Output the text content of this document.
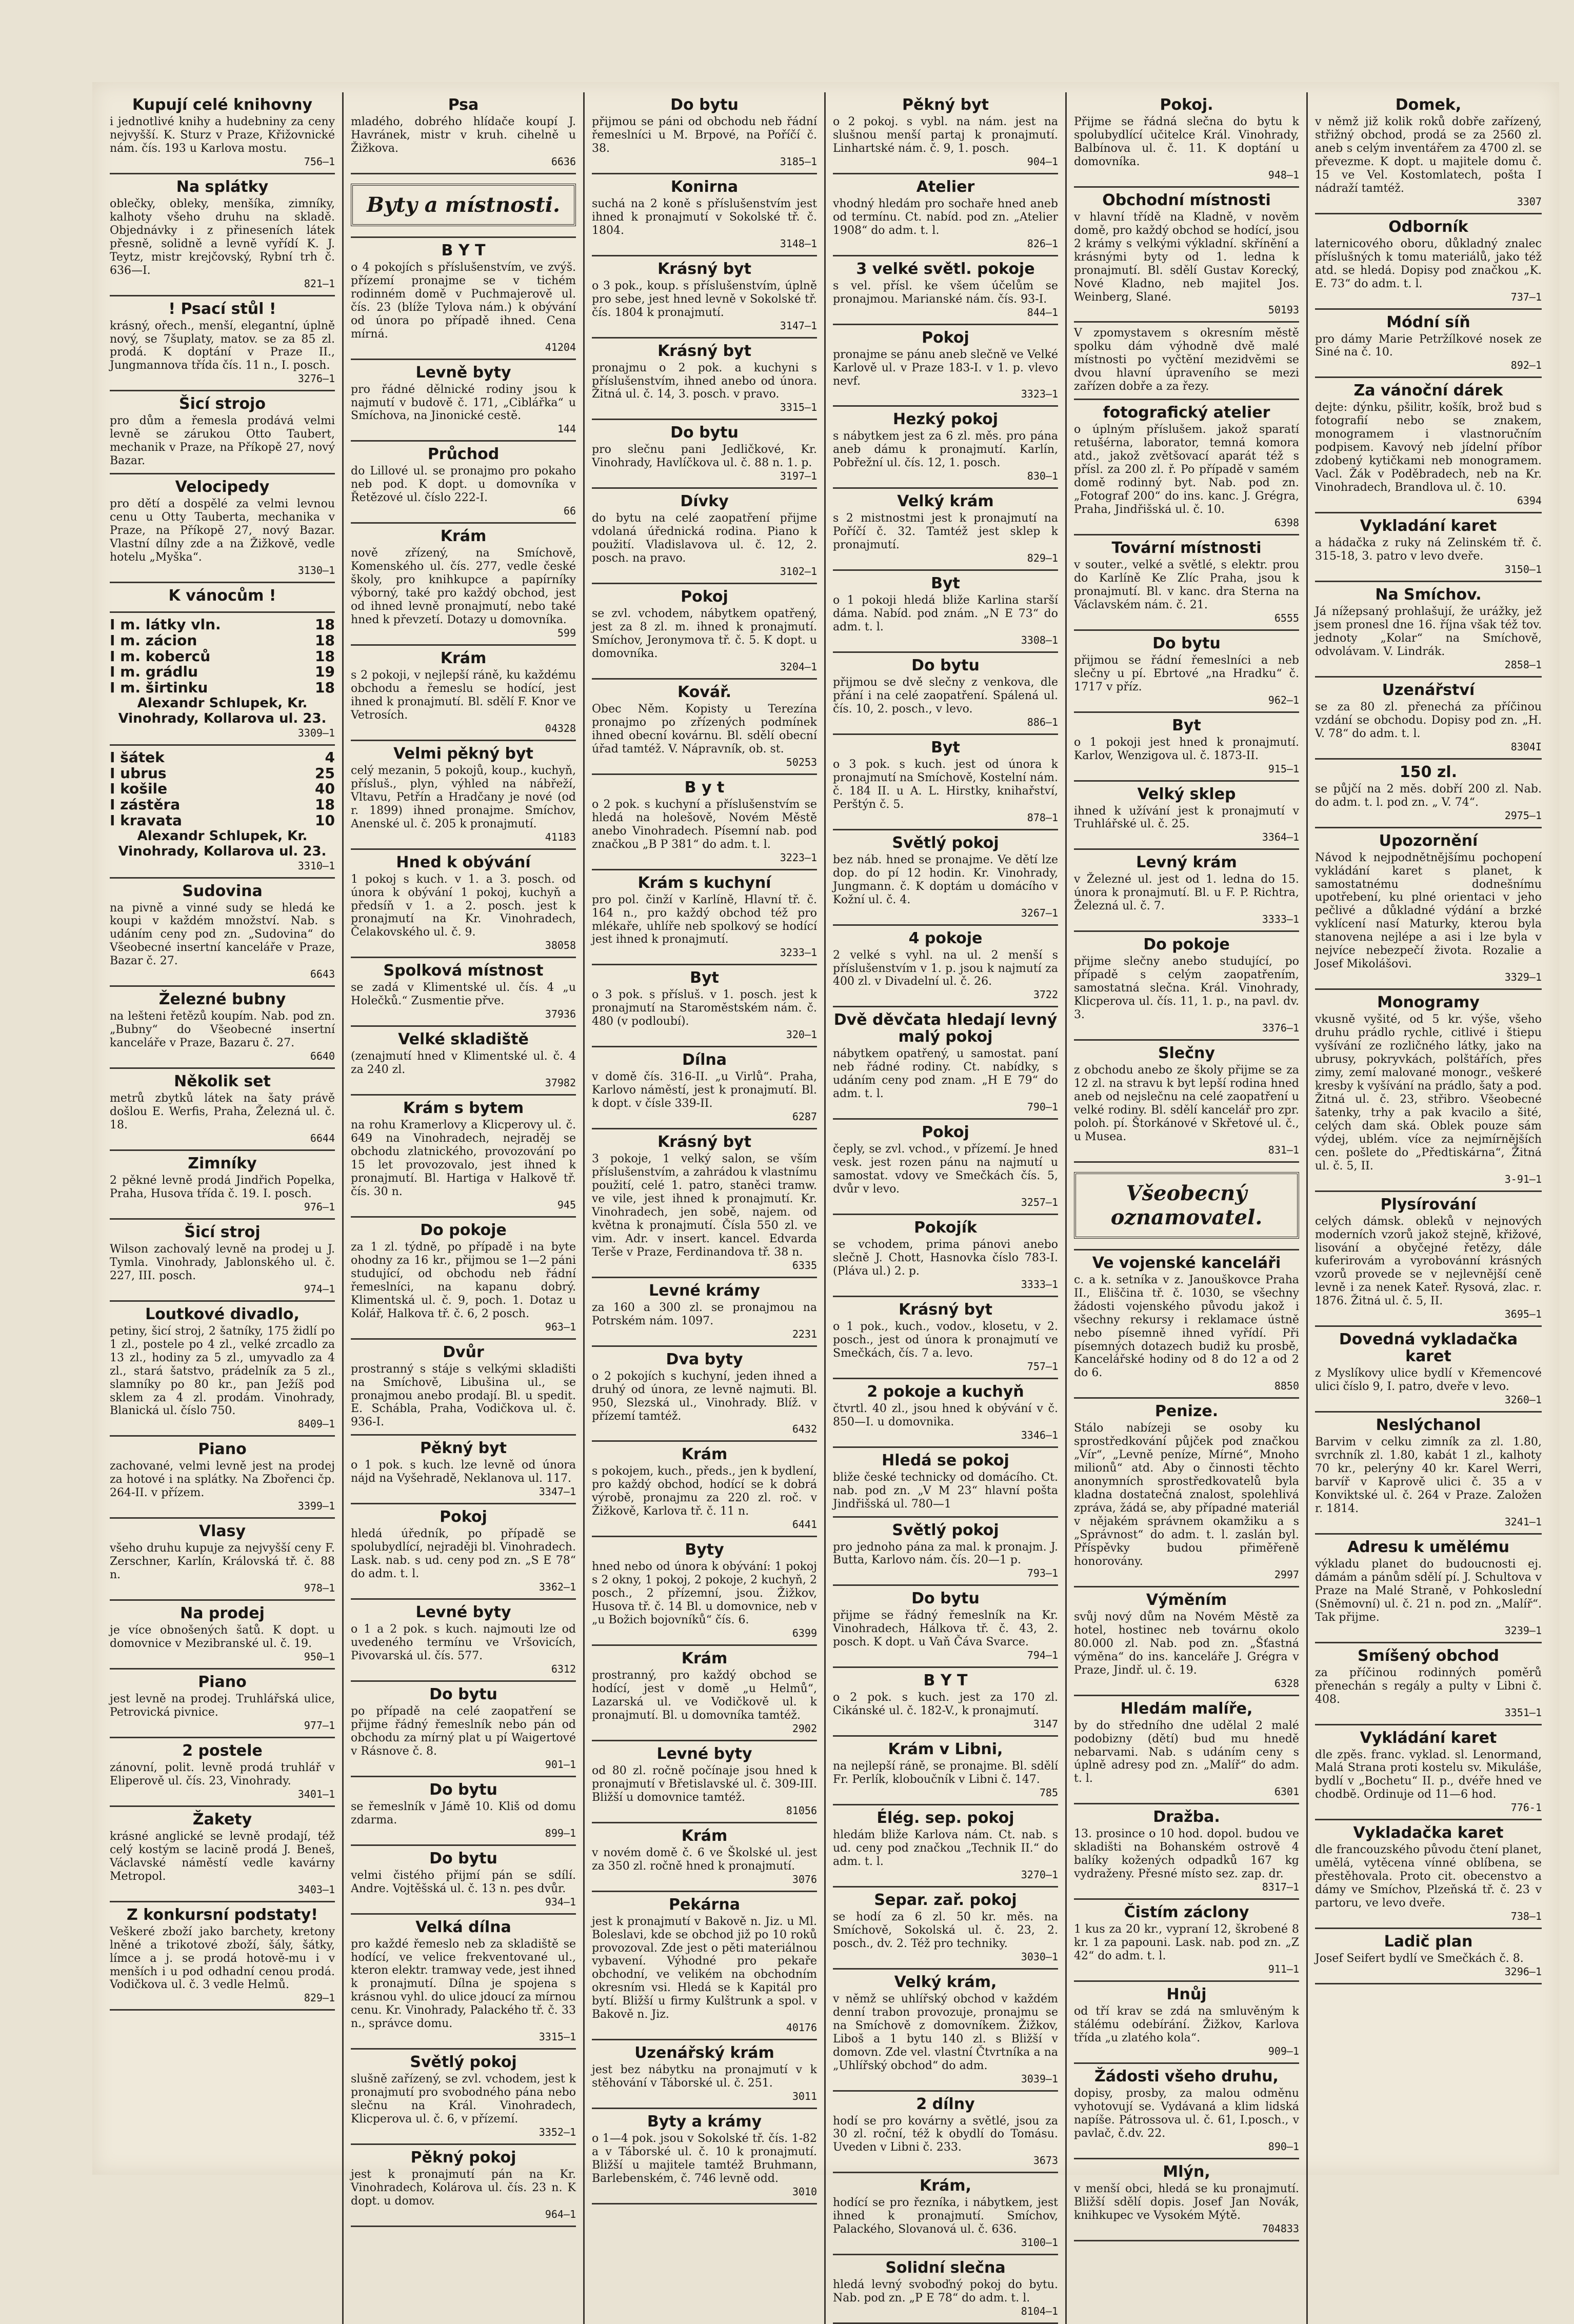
Kupují celé knihovny
i jednotlivé knihy a hudebniny za ceny nejvyšší. K. Sturz v Praze, Křižovnické nám. čís. 193 u Karlova mostu.
756—1
Na splátky
oblečky, obleky, menšíka, zimníky, kalhoty všeho druhu na skladě. Objednávky i z přineseních látek přesně, solidně a levně vyřídí K. J. Teytz, mistr krejčovský, Rybní trh č. 636—I.
821—1
! Psací stůl !
krásný, ořech., menší, elegantní, úplně nový, se 7šuplaty, matov. se za 85 zl. prodá. K doptání v Praze II., Jungmannova třída čís. 11 n., I. posch.
3276—1
Šicí strojo
pro dům a řemesla prodává velmi levně se zárukou Otto Taubert, mechanik v Praze, na Příkopě 27, nový Bazar.
Velocipedy
pro dětí a dospělé za velmi levnou cenu u Otty Tauberta, mechanika v Praze, na Příkopě 27, nový Bazar. Vlastní dílny zde a na Žižkově, vedle hotelu „Myška“.
3130—1
K vánocům !
I m. látky vln.	18
I m. zácion	18
I m. koberců	18
I m. grádlu	19
I m. širtinku	18
Alexandr Schlupek, Kr. Vinohrady, Kollarova ul. 23.
3309—1
I šátek	4
I ubrus	25
I košile	40
I zástěra	18
I kravata	10
Alexandr Schlupek, Kr. Vinohrady, Kollarova ul. 23.
3310—1
Sudovina
na pivně a vinné sudy se hledá ke koupi v každém množství. Nab. s udáním ceny pod zn. „Sudovina“ do Všeobecné insertní kanceláře v Praze, Bazar č. 27.
6643
Železné bubny
na lešteni řetězů koupím. Nab. pod zn. „Bubny“ do Všeobecné insertní kanceláře v Praze, Bazaru č. 27.
6640
Několik set
metrů zbytků látek na šaty právě došlou E. Werfis, Praha, Železná ul. č. 18.
6644
Zimníky
2 pěkné levně prodá Jindřich Popelka, Praha, Husova třída č. 19. I. posch.
976—1
Šicí stroj
Wilson zachovalý levně na prodej u J. Tymla. Vinohrady, Jablonského ul. č. 227, III. posch.
974—1
Loutkové divadlo,
petiny, šicí stroj, 2 šatníky, 175 židlí po 1 zl., postele po 4 zl., velké zrcadlo za 13 zl., hodiny za 5 zl., umyvadlo za 4 zl., stará šatstvo, prádelník za 5 zl., slamníky po 80 kr., pan Ježíš pod sklem za 4 zl. prodám. Vinohrady, Blanická ul. číslo 750.
8409—1
Piano
zachované, velmi levně jest na prodej za hotové i na splátky. Na Zbořenci čp. 264-II. v přízem.
3399—1
Vlasy
všeho druhu kupuje za nejvyšší ceny F. Zerschner, Karlín, Královská tř. č. 88 n.
978—1
Na prodej
je více obnošených šatů. K dopt. u domovnice v Mezibranské ul. č. 19.
950—1
Piano
jest levně na prodej. Truhlářská ulice, Petrovická pivnice.
977—1
2 postele
zánovní, polit. levně prodá truhlář v Eliperově ul. čís. 23, Vinohrady.
3401—1
Žakety
krásné anglické se levně prodají, též celý kostým se lacině prodá J. Beneš, Václavské náměstí vedle kavárny Metropol.
3403—1
Z konkursní podstaty!
Veškeré zboží jako barchety, kretony lněné a trikotové zboží, šály, šátky, límce a j. se prodá hotově-mu i v menších i u pod odhadní cenou prodá. Vodičkova ul. č. 3 vedle Helmů.
829—1
Psa
mladého, dobrého hlídače koupí J. Havránek, mistr v kruh. cihelně u Žižkova.
6636
Byty a místnosti.
B Y T
o 4 pokojích s příslušenstvím, ve zvýš. přízemí pronajme se v tichém rodinném domě v Puchmajerově ul. čís. 23 (blíže Tylova nám.) k obývání od února po případě ihned. Cena mírná.
41204
Levně byty
pro řádné dělnické rodiny jsou k najmutí v budově č. 171, „Ciblářka“ u Smíchova, na Jinonické cestě.
144
Průchod
do Lillové ul. se pronajmo pro pokaho neb pod. K dopt. u domovníka v Řetězové ul. číslo 222-I.
66
Krám
nově zřízený, na Smíchově, Komenského ul. čís. 277, vedle české školy, pro knihkupce a papírníky výborný, také pro každý obchod, jest od ihned levně pronajmutí, nebo také hned k převzetí. Dotazy u domovníka.
599
Krám
s 2 pokoji, v nejlepší ráně, ku každému obchodu a řemeslu se hodící, jest ihned k pronajmutí. Bl. sdělí F. Knor ve Vetrosích.
04328
Velmi pěkný byt
celý mezanin, 5 pokojů, koup., kuchyň, přísluš., plyn, výhled na nábřeží, Vltavu, Petřín a Hradčany je nové (od r. 1899) ihned pronajme. Smíchov, Anenské ul. č. 205 k pronajmutí.
41183
Hned k obývání
1 pokoj s kuch. v 1. a 3. posch. od února k obývání 1 pokoj, kuchyň a předsíň v 1. a 2. posch. jest k pronajmutí na Kr. Vinohradech, Čelakovského ul. č. 9.
38058
Spolková místnost
se zadá v Klimentské ul. čís. 4 „u Holečků.“ Zusmentie přve.
37936
Velké skladiště
(zenajmutí hned v Klimentské ul. č. 4 za 240 zl.
37982
Krám s bytem
na rohu Kramerlovy a Klicperovy ul. č. 649 na Vinohradech, nejraděj se obchodu zlatnického, provozování po 15 let provozovalo, jest ihned k pronajmutí. Bl. Hartiga v Halkově tř. čís. 30 n.
945
Do pokoje
za 1 zl. týdně, po případě i na byte ohodny za 16 kr., přijmou se 1—2 páni studující, od obchodu neb řádní řemeslníci, na kapanu dobrý. Klimentská ul. č. 9, poch. 1. Dotaz u Kolář, Halkova tř. č. 6, 2 posch.
963—1
Dvůr
prostranný s stáje s velkými skladišti na Smíchově, Libušina ul., se pronajmou anebo prodají. Bl. u spedit. E. Schábla, Praha, Vodičkova ul. č. 936-I.
Pěkný byt
o 1 pok. s kuch. lze levně od února nájd na Vyšehradě, Neklanova ul. 117.
3347—1
Pokoj
hledá úředník, po případě se spolubydlící, nejraději bl. Vinohradech. Lask. nab. s ud. ceny pod zn. „S E 78“ do adm. t. l.
3362—1
Levné byty
o 1 a 2 pok. s kuch. najmouti lze od uvedeného termínu ve Vršovicích, Pivovarská ul. čís. 577.
6312
Do bytu
po případě na celé zaopatření se přijme řádný řemeslník nebo pán od obchodu za mírný plat u pí Waigertové v Rásnove č. 8.
901—1
Do bytu
se řemeslník v Jámě 10. Kliš od domu zdarma.
899—1
Do bytu
velmi čistého přijmí pán se sdílí. Andre. Vojtěšská ul. č. 13 n. pes dvůr.
934—1
Velká dílna
pro každé řemeslo neb za skladiště se hodící, ve velice frekventované ul., kteron elektr. tramway vede, jest ihned k pronajmutí. Dílna je spojena s krásnou vyhl. do ulice jdoucí za mírnou cenu. Kr. Vinohrady, Palackého tř. č. 33 n., správce domu.
3315—1
Světlý pokoj
slušně zařízený, se zvl. vchodem, jest k pronajmutí pro svobodného pána nebo slečnu na Král. Vinohradech, Klicperova ul. č. 6, v přízemí.
3352—1
Pěkný pokoj
jest k pronajmutí pán na Kr. Vinohradech, Kolárova ul. čís. 23 n. K dopt. u domov.
964—1
Do bytu
přijmou se páni od obchodu neb řádní řemeslníci u M. Brpové, na Poříčí č. 38.
3185—1
Konirna
suchá na 2 koně s příslušenstvím jest ihned k pronajmutí v Sokolské tř. č. 1804.
3148—1
Krásný byt
o 3 pok., koup. s příslušenstvím, úplně pro sebe, jest hned levně v Sokolské tř. čís. 1804 k pronajmutí.
3147—1
Krásný byt
pronajmu o 2 pok. a kuchyni s příslušenstvím, ihned anebo od února. Žitná ul. č. 14, 3. posch. v pravo.
3315—1
Do bytu
pro slečnu pani Jedličkové, Kr. Vinohrady, Havlíčkova ul. č. 88 n. 1. p.
3197—1
Dívky
do bytu na celé zaopatření přijme vdolaná úřednická rodina. Piano k použití. Vladislavova ul. č. 12, 2. posch. na pravo.
3102—1
Pokoj
se zvl. vchodem, nábytkem opatřený, jest za 8 zl. m. ihned k pronajmutí. Smíchov, Jeronymova tř. č. 5. K dopt. u domovníka.
3204—1
Kovář.
Obec Něm. Kopisty u Terezína pronajmo po zřízených podmínek ihned obecní kovárnu. Bl. sdělí obecní úřad tamtéž. V. Nápravník, ob. st.
50253
B y t
o 2 pok. s kuchyní a příslušenstvím se hledá na holešově, Novém Městě anebo Vinohradech. Písemní nab. pod značkou „B P 381“ do adm. t. l.
3223—1
Krám s kuchyní
pro pol. činží v Karlíně, Hlavní tř. č. 164 n., pro každý obchod též pro mlékaře, uhlíře neb spolkový se hodící jest ihned k pronajmutí.
3233—1
Byt
o 3 pok. s přísluš. v 1. posch. jest k pronajmutí na Staroměstském nám. č. 480 (v podloubí).
320—1
Dílna
v domě čís. 316-II. „u Virlů“. Praha, Karlovo náměstí, jest k pronajmutí. Bl. k dopt. v čísle 339-II.
6287
Krásný byt
3 pokoje, 1 velký salon, se vším příslušenstvím, a zahrádou k vlastnímu použití, celé 1. patro, staněci tramw. ve vile, jest ihned k pronajmutí. Kr. Vinohradech, jen sobě, najem. od května k pronajmutí. Čísla 550 zl. ve vim. Adr. v insert. kancel. Edvarda Terše v Praze, Ferdinandova tř. 38 n.
6335
Levné krámy
za 160 a 300 zl. se pronajmou na Potrském nám. 1097.
2231
Dva byty
o 2 pokojích s kuchyní, jeden ihned a druhý od února, ze levně najmuti. Bl. 950, Slezská ul., Vinohrady. Blíž. v přízemí tamtéž.
6432
Krám
s pokojem, kuch., předs., jen k bydlení, pro každý obchod, hodící se k dobrá výrobě, pronajmu za 220 zl. roč. v Žižkově, Karlova tř. č. 11 n.
6441
Byty
hned nebo od února k obývání: 1 pokoj s 2 okny, 1 pokoj, 2 pokoje, 2 kuchyň, 2 posch., 2 přízemní, jsou. Žižkov, Husova tř. č. 14 Bl. u domovnice, neb v „u Božich bojovníků“ čís. 6.
6399
Krám
prostranný, pro každý obchod se hodící, jest v domě „u Helmů“, Lazarská ul. ve Vodičkově ul. k pronajmutí. Bl. u domovníka tamtéž.
2902
Levné byty
od 80 zl. ročně počínaje jsou hned k pronajmutí v Břetislavské ul. č. 309-III. Bližší u domovnice tamtéž.
81056
Krám
v novém domě č. 6 ve Školské ul. jest za 350 zl. ročně hned k pronajmutí.
3076
Pekárna
jest k pronajmutí v Bakově n. Jiz. u Ml. Boleslavi, kde se obchod již po 10 roků provozoval. Zde jest o pěti materiálnou vybavení. Výhodné pro pekaře obchodní, ve velikém na obchodním okresním vsi. Hledá se k Kapitál pro bytí. Bližší u firmy Kulštrunk a spol. v Bakově n. Jiz.
40176
Uzenářský krám
jest bez nábytku na pronajmutí v k stěhování v Táborské ul. č. 251.
3011
Byty a krámy
o 1—4 pok. jsou v Sokolské tř. čís. 1-82 a v Táborské ul. č. 10 k pronajmutí. Bližší u majitele tamtéž Bruhmann, Barlebenském, č. 746 levně odd.
3010
Pěkný byt
o 2 pokoj. s vybl. na nám. jest na slušnou menší partaj k pronajmutí. Linhartské nám. č. 9, 1. posch.
904—1
Atelier
vhodný hledám pro sochaře hned aneb od termínu. Ct. nabíd. pod zn. „Atelier 1908“ do adm. t. l.
826—1
3 velké světl. pokoje
s vel. přísl. ke všem účelům se pronajmou. Marianské nám. čís. 93-I.
844—1
Pokoj
pronajme se pánu aneb slečně ve Velké Karlově ul. v Praze 183-I. v 1. p. vlevo nevf.
3323—1
Hezký pokoj
s nábytkem jest za 6 zl. měs. pro pána aneb dámu k pronajmutí. Karlín, Pobřežní ul. čís. 12, 1. posch.
830—1
Velký krám
s 2 mistnostmi jest k pronajmutí na Poříčí č. 32. Tamtéž jest sklep k pronajmutí.
829—1
Byt
o 1 pokoji hledá bliže Karlina starší dáma. Nabíd. pod znám. „N E 73“ do adm. t. l.
3308—1
Do bytu
přijmou se dvě slečny z venkova, dle přání i na celé zaopatření. Spálená ul. čís. 10, 2. posch., v levo.
886—1
Byt
o 3 pok. s kuch. jest od února k pronajmutí na Smíchově, Kostelní nám. č. 184 II. u A. L. Hirstky, knihařství, Perštýn č. 5.
878—1
Světlý pokoj
bez náb. hned se pronajme. Ve dětí lze dop. do pí 12 hodin. Kr. Vinohrady, Jungmann. č. K doptám u domácího v Kožní ul. č. 4.
3267—1
4 pokoje
2 velké s vyhl. na ul. 2 menší s příslušenstvím v 1. p. jsou k najmutí za 400 zl. v Divadelní ul. č. 26.
3722
Dvě děvčata hledají levný malý pokoj
nábytkem opatřený, u samostat. paní neb řádné rodiny. Ct. nabídky, s udáním ceny pod znam. „H E 79“ do adm. t. l.
790—1
Pokoj
čeply, se zvl. vchod., v přízemí. Je hned vesk. jest rozen pánu na najmutí u samostat. vdovy ve Smečkách čís. 5, dvůr v levo.
3257—1
Pokojík
se vchodem, prima pánovi anebo slečně J. Chott, Hasnovka číslo 783-I. (Pláva ul.) 2. p.
3333—1
Krásný byt
o 1 pok., kuch., vodov., klosetu, v 2. posch., jest od února k pronajmutí ve Smečkách, čís. 7 a. levo.
757—1
2 pokoje a kuchyň
čtvrtl. 40 zl., jsou hned k obývání v č. 850—I. u domovnika.
3346—1
Hledá se pokoj
bliže české technicky od domácího. Ct. nab. pod zn. „V M 23“ hlavní pošta Jindřišská ul. 780—1
Světlý pokoj
pro jednoho pána za mal. k pronajm. J. Butta, Karlovo nám. čís. 20—1 p.
793—1
Do bytu
přijme se řádný řemeslník na Kr. Vinohradech, Hálkova tř. č. 43, 2. posch. K dopt. u Vaň Čáva Svarce.
794—1
B Y T
o 2 pok. s kuch. jest za 170 zl. Cikánské ul. č. 182-V., k pronajmutí.
3147
Krám v Libni,
na nejlepší ráně, se pronajme. Bl. sdělí Fr. Perlík, kloboučník v Libni č. 147.
785
Élég. sep. pokoj
hledám bliže Karlova nám. Ct. nab. s ud. ceny pod značkou „Technik II.“ do adm. t. l.
3270—1
Separ. zař. pokoj
se hodí za 6 zl. 50 kr. měs. na Smíchově, Sokolská ul. č. 23, 2. posch., dv. 2. Též pro techniky.
3030—1
Velký krám,
v němž se uhlířský obchod v každém denní trabon provozuje, pronajmu se na Smíchově z domovníkem. Žižkov, Liboš a 1 bytu 140 zl. s Bližší v domovn. Zde vel. vlastní Čtvrtníka a na „Uhlířský obchod“ do adm.
3039—1
2 dílny
hodí se pro kovárny a světlé, jsou za 30 zl. roční, též k obydlí do Tomásu. Uveden v Libni č. 233.
3673
Krám,
hodící se pro řezníka, i nábytkem, jest ihned k pronajmutí. Smíchov, Palackého, Slovanová ul. č. 636.
3100—1
Solidní slečna
hledá levný svoboďný pokoj do bytu. Nab. pod zn. „P E 78“ do adm. t. l.
8104—1
Pokoj.
Přijme se řádná slečna do bytu k spolubydlící učitelce Král. Vinohrady, Balbínova ul. č. 11. K doptání u domovníka.
948—1
Obchodní místnosti
v hlavní třídě na Kladně, v nověm domě, pro každý obchod se hodící, jsou 2 krámy s velkými výkladní. skřínění a krásnými byty od 1. ledna k pronajmutí. Bl. sdělí Gustav Korecký, Nové Kladno, neb majitel Jos. Weinberg, Slané.
50193
V zpomystavem s okresním městě spolku dám výhodně dvě malé místnosti po vyčtění mezidvěmi se dvou hlavní úpraveního se mezi zařízen dobře a za řezy.
fotografický atelier
o úplným příslušem. jakož sparatí retušérna, laborator, temná komora atd., jakož zvětšovací aparát též s přísl. za 200 zl. ř. Po případě v samém domě rodinný byt. Nab. pod zn. „Fotograf 200“ do ins. kanc. J. Grégra, Praha, Jindřišská ul. č. 10.
6398
Tovární místnosti
v souter., velké a světlé, s elektr. prou do Karlíně Ke Zlíc Praha, jsou k pronajmutí. Bl. v kanc. dra Sterna na Václavském nám. č. 21.
6555
Do bytu
přijmou se řádní řemeslníci a neb slečny u pí. Ebrtové „na Hradku“ č. 1717 v příz.
962—1
Byt
o 1 pokoji jest hned k pronajmutí. Karlov, Wenzigova ul. č. 1873-II.
915—1
Velký sklep
ihned k užívání jest k pronajmutí v Truhlářské ul. č. 25.
3364—1
Levný krám
v Železné ul. jest od 1. ledna do 15. února k pronajmutí. Bl. u F. P. Richtra, Železná ul. č. 7.
3333—1
Do pokoje
přijme slečny anebo studující, po případě s celým zaopatřením, samostatná slečna. Král. Vinohrady, Klicperova ul. čís. 11, 1. p., na pavl. dv. 3.
3376—1
Slečny
z obchodu anebo ze školy přijme se za 12 zl. na stravu k byt lepší rodina hned aneb od nejslečnu na celé zaopatření u velké rodiny. Bl. sdělí kancelář pro zpr. poloh. pí. Štorkánové v Skřetové ul. č., u Musea.
831—1
Všeobecný oznamovatel.
Ve vojenské kanceláři
c. a k. setníka v z. Janouškovce Praha II., Eliščina tř. č. 1030, se všechny žádosti vojenského původu jakož i všechny rekursy i reklamace ústně nebo písemně ihned vyřídí. Při písemných dotazech budiž ku prosbě, Kancelářské hodiny od 8 do 12 a od 2 do 6.
8850
Penize.
Stálo nabízeji se osoby ku sprostředkování půjček pod značkou „Vír“, „Levně peníze, Mírné“, Mnoho milionů“ atd. Aby o činnosti těchto anonymních sprostředkovatelů byla kladna dostatečná znalost, spolehlivá zpráva, žádá se, aby případné materiál v nějakém správnem okamžiku a s „Správnost“ do adm. t. l. zaslán byl. Příspěvky budou přiměřeně honorovány.
2997
Výměním
svůj nový dům na Novém Městě za hotel, hostinec neb továrnu okolo 80.000 zl. Nab. pod zn. „Šťastná výměna“ do ins. kanceláře J. Grégra v Praze, Jindř. ul. č. 19.
6328
Hledám malíře,
by do středního dne udělal 2 malé podobizny (dětí) bud mu hnedě nebarvami. Nab. s udáním ceny s úplně adresy pod zn. „Malíř“ do adm. t. l.
6301
Dražba.
13. prosince o 10 hod. dopol. budou ve skladišti na Bohanském ostrově 4 balíky kožených odpadků 167 kg vydraženy. Přesné místo sez. zap. dr.
8317—1
Čistím záclony
1 kus za 20 kr., vypraní 12, škrobené 8 kr. 1 za papouni. Lask. nab. pod zn. „Z 42“ do adm. t. l.
911—1
Hnůj
od tří krav se zdá na smluvěným k stálému odebírání. Žižkov, Karlova třída „u zlatého kola“.
909—1
Žádosti všeho druhu,
dopisy, prosby, za malou odměnu vyhotovují se. Vydávaná a klim lidská napíše. Pátrossova ul. č. 61, I.posch., v pavlač, č.dv. 22.
890—1
Mlýn,
v menší obci, hledá se ku pronajmutí. Bližší sdělí dopis. Josef Jan Novák, knihkupec ve Vysokém Mýtě.
704833
Domek,
v němž již kolik roků dobře zařízený, střižný obchod, prodá se za 2560 zl. aneb s celým inventářem za 4700 zl. se převezme. K dopt. u majitele domu č. 15 ve Vel. Kostomlatech, pošta I nádraží tamtéž.
3307
Odborník
laternicového oboru, důkladný znalec příslušných k tomu materiálů, jako též atd. se hledá. Dopisy pod značkou „K. E. 73“ do adm. t. l.
737—1
Módní síň
pro dámy Marie Petržílkové nosek ze Siné na č. 10.
892—1
Za vánoční dárek
dejte: dýnku, pšilitr, košík, brož bud s fotografií nebo se znakem, monogramem i vlastnoručním podpisem. Kavový neb jídelní příbor zdobený kytičkami neb monogramem. Vacl. Žák v Poděbradech, neb na Kr. Vinohradech, Brandlova ul. č. 10.
6394
Vykladání karet
a hádačka z ruky ná Zelinském tř. č. 315-18, 3. patro v levo dveře.
3150—1
Na Smíchov.
Já nížepsaný prohlašují, že urážky, jež jsem pronesl dne 16. října však též tov. jednoty „Kolar“ na Smíchově, odvolávam. V. Lindrák.
2858—1
Uzenářství
se za 80 zl. přenechá za příčinou vzdání se obchodu. Dopisy pod zn. „H. V. 78“ do adm. t. l.
8304I
150 zl.
se půjčí na 2 měs. dobří 200 zl. Nab. do adm. t. l. pod zn. „ V. 74“.
2975—1
Upozornění
Návod k nejpodnětnějšímu pochopení vykládání karet s planet, k samostatnému dodnešnímu upotřebení, ku plné orientaci v jeho pečlivé a důkladné výdání a brzké vyklícení nasí Maturky, kterou byla stanovena nejlépe a asi i lze byla v nejvíce nebezpečí života. Rozalie a Josef Mikolášovi.
3329—1
Monogramy
vkusně vyšité, od 5 kr. výše, všeho druhu prádlo rychle, citlivé i štiepu vyšívání ze rozličného látky, jako na ubrusy, pokryvkách, polštářích, přes zimy, zemí malované monogr., veškeré kresby k vyšívání na prádlo, šaty a pod. Žitná ul. č. 23, střibro. Všeobecné šatenky, trhy a pak kvacilo a šité, celých dam ská. Oblek pouze sám výdej, ublém. více za nejmírnějších cen. pošlete do „Předtiskárna“, Žitná ul. č. 5, II.
3-91—1
Plysírování
celých dámsk. obleků v nejnových moderních vzorů jakož stejně, křižové, lisování a obyčejné řetězy, dále kuferirovám a vyrobovánní krásných vzorů provede se v nejlevnější ceně levně i za nenek Kateř. Rysová, zlac. r. 1876. Žitná ul. č. 5, II.
3695—1
Dovedná vykladačka karet
z Myslíkovy ulice bydlí v Křemencové ulici číslo 9, I. patro, dveře v levo.
3260—1
Neslýchanol
Barvim v celku zimník za zl. 1.80, svrchník zl. 1.80, kabát 1 zl., kalhoty 70 kr., pelerýny 40 kr. Karel Werri, barvíř v Kaprově ulici č. 35 a v Konviktské ul. č. 264 v Praze. Založen r. 1814.
3241—1
Adresu k umělému
výkladu planet do budoucnosti ej. dámám a pánům sdělí pí. J. Schultova v Praze na Malé Straně, v Pohkoslední (Sněmovní) ul. č. 21 n. pod zn. „Malíř“. Tak přijme.
3239—1
Smíšený obchod
za příčinou rodinných poměrů přenechán s regály a pulty v Libni č. 408.
3351—1
Vykládání karet
dle zpěs. franc. vyklad. sl. Lenormand, Malá Strana proti kostelu sv. Mikuláše, bydlí v „Bochetu“ II. p., dvéře hned ve chodbě. Ordinuje od 11—6 hod.
776-1
Vykladačka karet
dle francouzského původu čtení planet, umělá, vytěcena vínné oblíbena, se přestěhovala. Proto cit. obecenstvo a dámy ve Smíchov, Plzeňská tř. č. 23 v partoru, ve levo dveře.
738—1
Ladič plan
Josef Seifert bydlí ve Smečkách č. 8.
3296—1
